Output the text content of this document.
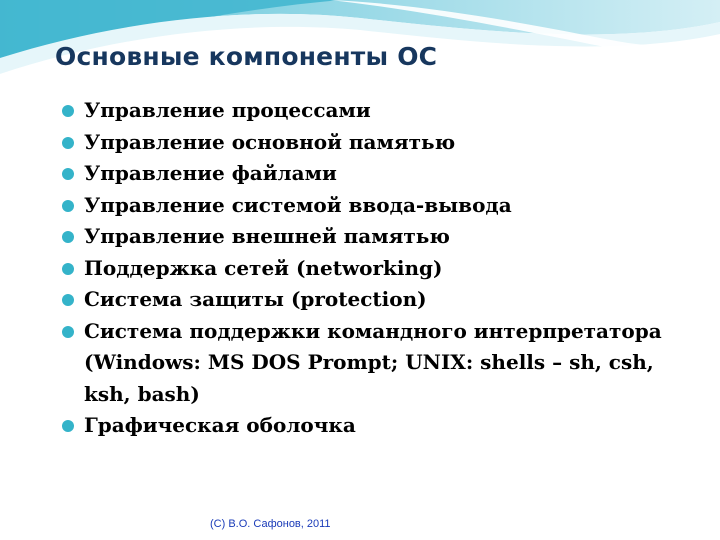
Основные компоненты ОС
Управление процессами
Управление основной памятью
Управление файлами
Управление системой ввода-вывода
Управление внешней памятью
Поддержка сетей (networking)
Система защиты (protection)
Система поддержки командного интерпретатора
(Windows: MS DOS Prompt; UNIX: shells – sh, csh,
ksh, bash)
Графическая оболочка
(C) В.О. Сафонов, 2011
